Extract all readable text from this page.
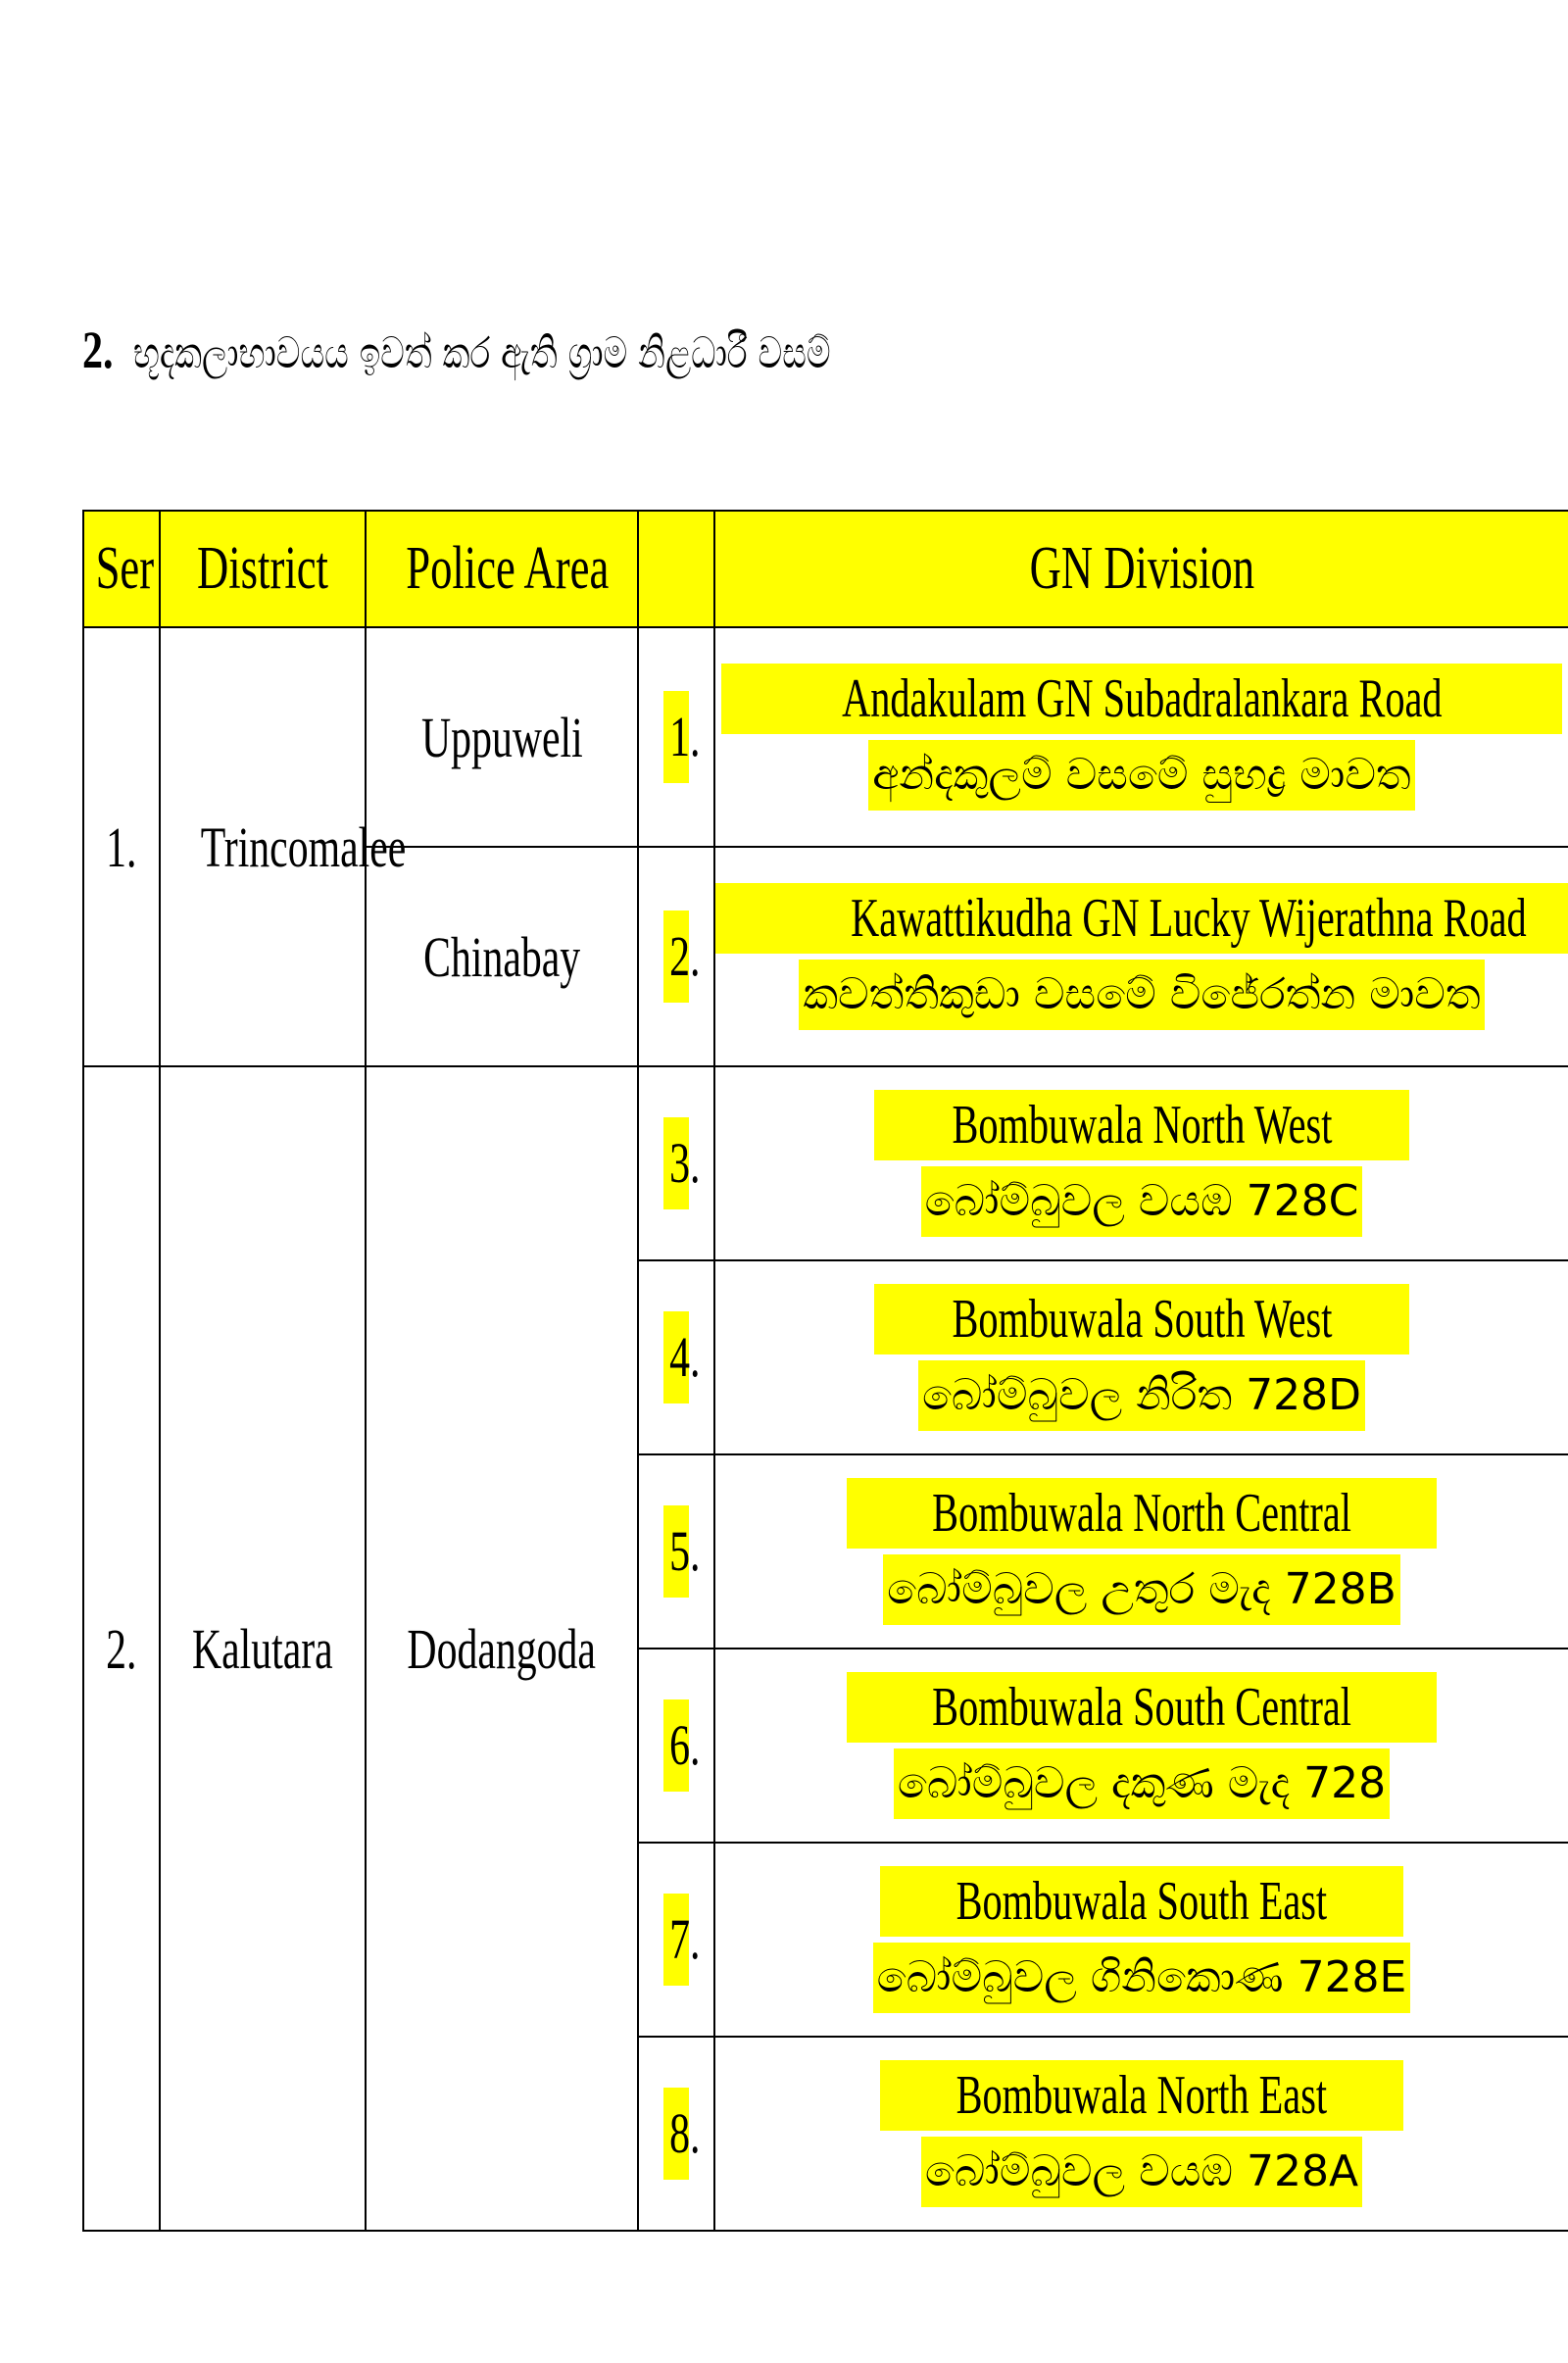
2. භූදකලාභාවයය ඉවත් කර ඇති ග්‍රාම නිළධාරී වසම්
Ser	District	Police Area		GN Division
1.	Trincomalee	Uppuweli	1.	Andakulam GN Subadralankara Road
අන්දකුලම් වසමේ සුභද්‍ර මාවත

		Chinabay	2.	Kawattikudha GN Lucky Wijerathna Road
කවත්තිකුඩා වසමේ විජේරත්න මාවත

2.	Kalutara	Dodangoda	3.	Bombuwala North West
බෝම්බුවල වයඹ 728C

			4.	Bombuwala South West
බෝම්බුවල නිරිත 728D

			5.	Bombuwala North Central
බෝම්බුවල උතුර මැද 728B

			6.	Bombuwala South Central
බෝම්බුවල දකුණ මැද 728

			7.	Bombuwala South East
බෝම්බුවල ගිනිකොණ 728E

			8.	Bombuwala North East
බෝම්බුවල වයඹ 728A
